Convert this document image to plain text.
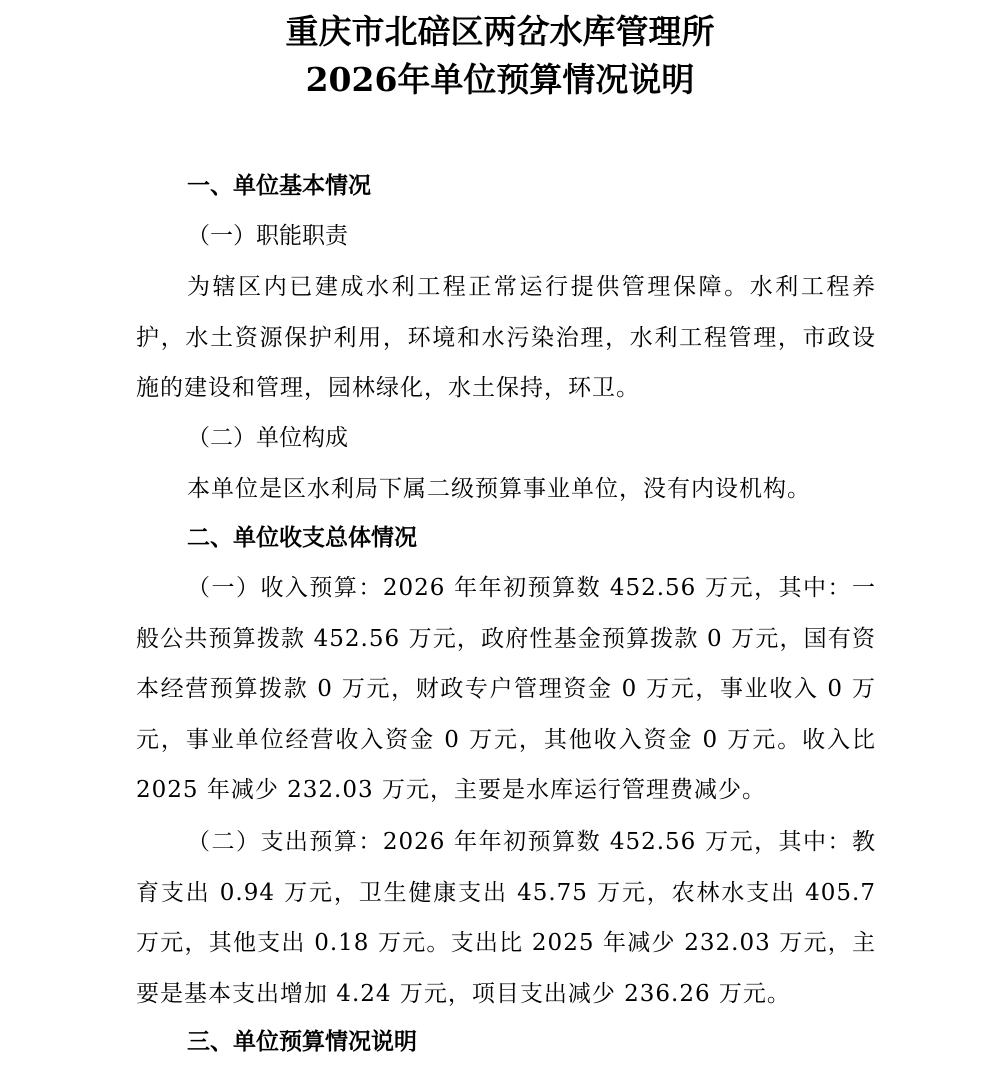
重庆市北碚区两岔水库管理所
2026年单位预算情况说明
一、单位基本情况
（一）职能职责
为辖区内已建成水利工程正常运行提供管理保障。水利工程养护，水土资源保护利用，环境和水污染治理，水利工程管理，市政设施的建设和管理，园林绿化，水土保持，环卫。
（二）单位构成
本单位是区水利局下属二级预算事业单位，没有内设机构。
二、单位收支总体情况
（一）收入预算：2026 年年初预算数 452.56 万元，其中：一般公共预算拨款 452.56 万元，政府性基金预算拨款 0 万元，国有资本经营预算拨款 0 万元，财政专户管理资金 0 万元，事业收入 0 万元，事业单位经营收入资金 0 万元，其他收入资金 0 万元。收入比 2025 年减少 232.03 万元，主要是水库运行管理费减少。
（二）支出预算：2026 年年初预算数 452.56 万元，其中：教育支出 0.94 万元，卫生健康支出 45.75 万元，农林水支出 405.7 万元，其他支出 0.18 万元。支出比 2025 年减少 232.03 万元，主要是基本支出增加 4.24 万元，项目支出减少 236.26 万元。
三、单位预算情况说明
